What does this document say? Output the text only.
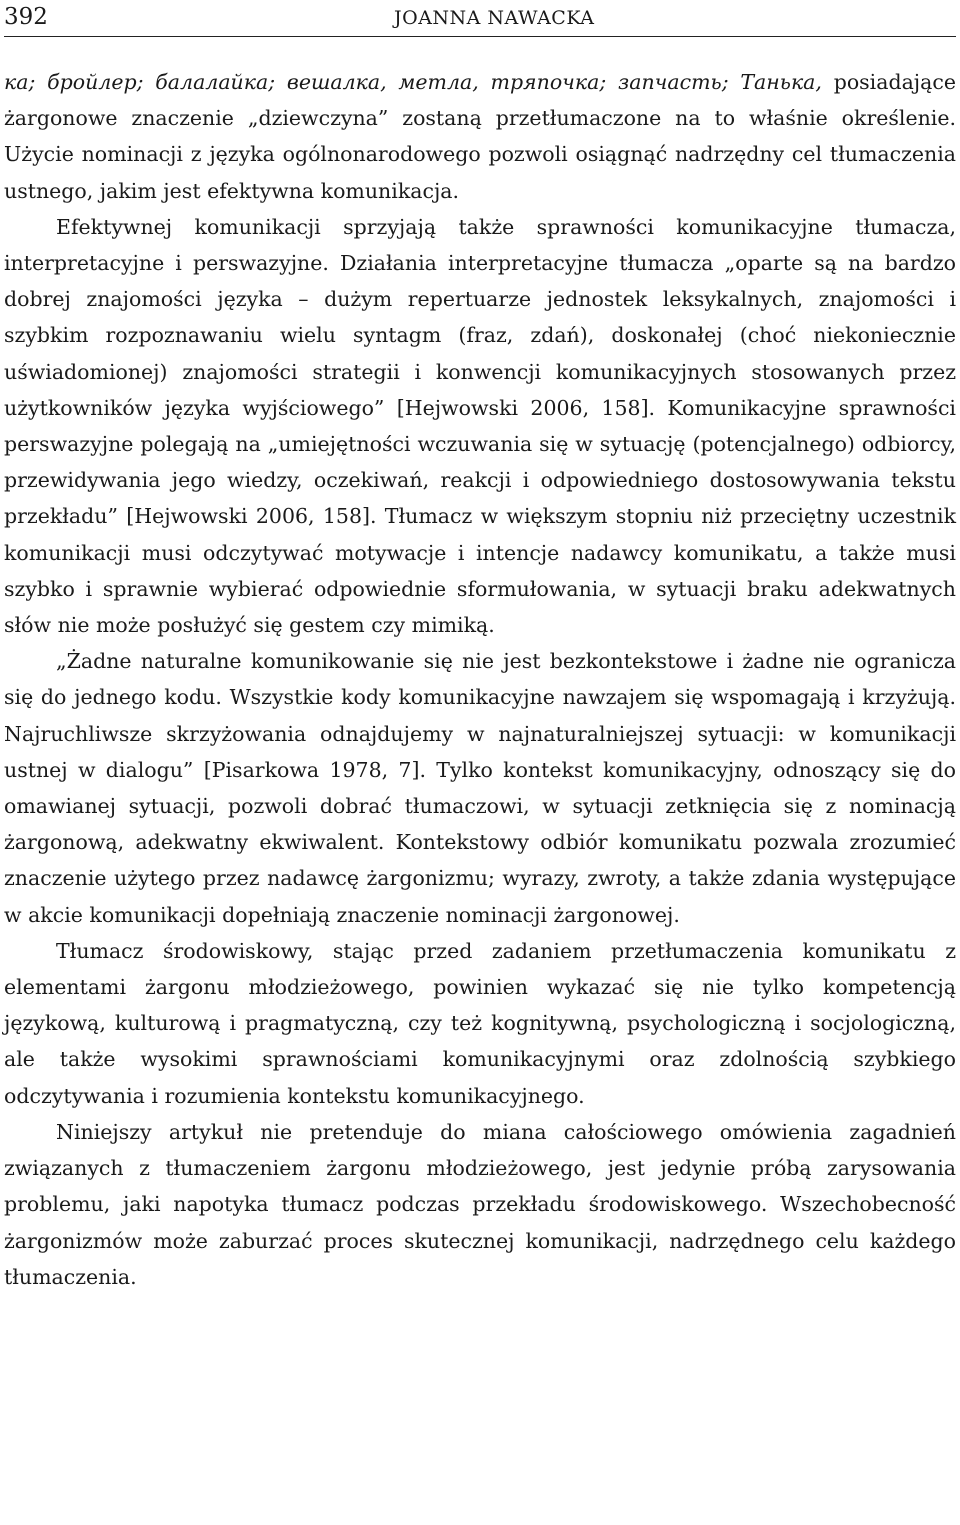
392	JOANNA NAWACKA

ка; бройлер; балалайка; вешалка, метла, тряпочка; запчасть; Танька, posiadające żargonowe znaczenie „dziewczyna” zostaną przetłumaczone na to właśnie określenie. Użycie nominacji z języka ogólnonarodowego pozwoli osiągnąć nadrzędny cel tłumaczenia ustnego, jakim jest efektywna komunikacja.

Efektywnej komunikacji sprzyjają także sprawności komunikacyjne tłumacza, interpretacyjne i perswazyjne. Działania interpretacyjne tłumacza „oparte są na bardzo dobrej znajomości języka – dużym repertuarze jednostek leksykalnych, znajomości i szybkim rozpoznawaniu wielu syntagm (fraz, zdań), doskonałej (choć niekoniecznie uświadomionej) znajomości strategii i konwencji komunikacyjnych stosowanych przez użytkowników języka wyjściowego” [Hejwowski 2006, 158]. Komunikacyjne sprawności perswazyjne polegają na „umiejętności wczuwania się w sytuację (potencjalnego) odbiorcy, przewidywania jego wiedzy, oczekiwań, reakcji i odpowiedniego dostosowywania tekstu przekładu” [Hejwowski 2006, 158]. Tłumacz w większym stopniu niż przeciętny uczestnik komunikacji musi odczytywać motywacje i intencje nadawcy komunikatu, a także musi szybko i sprawnie wybierać odpowiednie sformułowania, w sytuacji braku adekwatnych słów nie może posłużyć się gestem czy mimiką.

„Żadne naturalne komunikowanie się nie jest bezkontekstowe i żadne nie ogranicza się do jednego kodu. Wszystkie kody komunikacyjne nawzajem się wspomagają i krzyżują. Najruchliwsze skrzyżowania odnajdujemy w najnaturalniejszej sytuacji: w komunikacji ustnej w dialogu” [Pisarkowa 1978, 7]. Tylko kontekst komunikacyjny, odnoszący się do omawianej sytuacji, pozwoli dobrać tłumaczowi, w sytuacji zetknięcia się z nominacją żargonową, adekwatny ekwiwalent. Kontekstowy odbiór komunikatu pozwala zrozumieć znaczenie użytego przez nadawcę żargonizmu; wyrazy, zwroty, a także zdania występujące w akcie komunikacji dopełniają znaczenie nominacji żargonowej.

Tłumacz środowiskowy, stając przed zadaniem przetłumaczenia komunikatu z elementami żargonu młodzieżowego, powinien wykazać się nie tylko kompetencją językową, kulturową i pragmatyczną, czy też kognitywną, psychologiczną i socjologiczną, ale także wysokimi sprawnościami komunikacyjnymi oraz zdolnością szybkiego odczytywania i rozumienia kontekstu komunikacyjnego.

Niniejszy artykuł nie pretenduje do miana całościowego omówienia zagadnień związanych z tłumaczeniem żargonu młodzieżowego, jest jedynie próbą zarysowania problemu, jaki napotyka tłumacz podczas przekładu środowiskowego. Wszechobecność żargonizmów może zaburzać proces skutecznej komunikacji, nadrzędnego celu każdego tłumaczenia.
